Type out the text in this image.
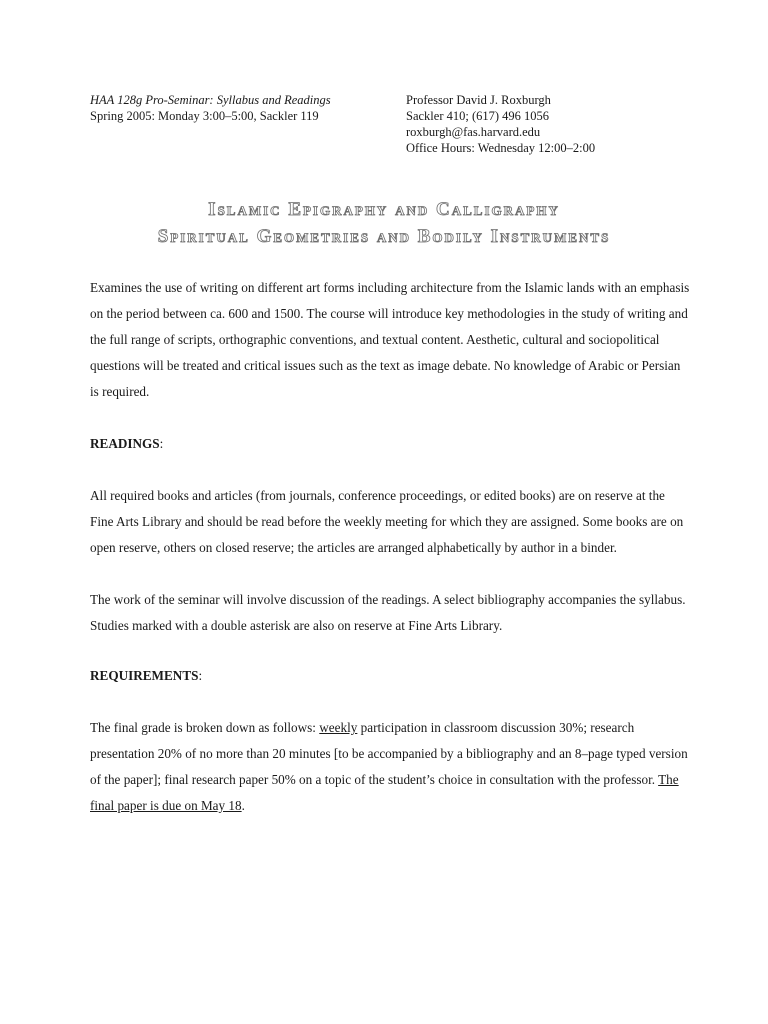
HAA 128g Pro-Seminar: Syllabus and Readings
Spring 2005: Monday 3:00–5:00, Sackler 119
Professor David J. Roxburgh
Sackler 410; (617) 496 1056
roxburgh@fas.harvard.edu
Office Hours: Wednesday 12:00–2:00
Islamic Epigraphy and Calligraphy
Spiritual Geometries and Bodily Instruments

Examines the use of writing on different art forms including architecture from the Islamic lands with an emphasis on the period between ca. 600 and 1500. The course will introduce key methodologies in the study of writing and the full range of scripts, orthographic conventions, and textual content. Aesthetic, cultural and sociopolitical questions will be treated and critical issues such as the text as image debate. No knowledge of Arabic or Persian is required.

READINGS:

All required books and articles (from journals, conference proceedings, or edited books) are on reserve at the Fine Arts Library and should be read before the weekly meeting for which they are assigned. Some books are on open reserve, others on closed reserve; the articles are arranged alphabetically by author in a binder.

The work of the seminar will involve discussion of the readings. A select bibliography accompanies the syllabus. Studies marked with a double asterisk are also on reserve at Fine Arts Library.

REQUIREMENTS:

The final grade is broken down as follows: weekly participation in classroom discussion 30%; research presentation 20% of no more than 20 minutes [to be accompanied by a bibliography and an 8–page typed version of the paper]; final research paper 50% on a topic of the student’s choice in consultation with the professor. The final paper is due on May 18.
